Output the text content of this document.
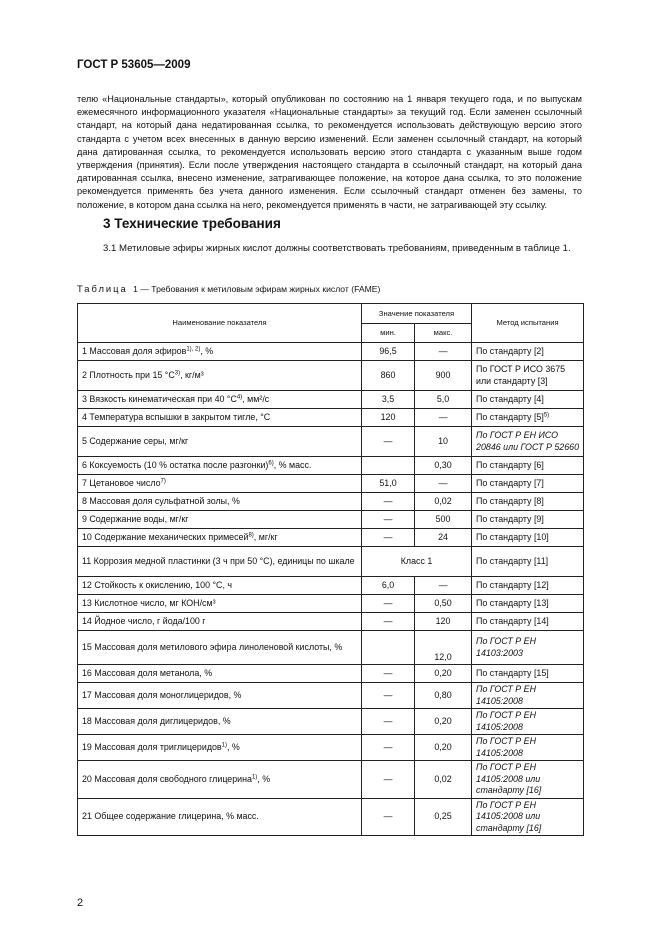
ГОСТ Р 53605—2009
телю «Национальные стандарты», который опубликован по состоянию на 1 января текущего года, и по выпускам ежемесячного информационного указателя «Национальные стандарты» за текущий год. Если заменен ссылочный стандарт, на который дана недатированная ссылка, то рекомендуется использовать действующую версию этого стандарта с учетом всех внесенных в данную версию изменений. Если заменен ссылочный стандарт, на который дана датированная ссылка, то рекомендуется использовать версию этого стандарта с указанным выше годом утверждения (принятия). Если после утверждения настоящего стандарта в ссылочный стандарт, на который дана датированная ссылка, внесено изменение, затрагивающее положение, на которое дана ссылка, то это положение рекомендуется применять без учета данного изменения. Если ссылочный стандарт отменен без замены, то положение, в котором дана ссылка на него, рекомендуется применять в части, не затрагивающей эту ссылку.
3 Технические требования
3.1 Метиловые эфиры жирных кислот должны соответствовать требованиям, приведенным в таблице 1.
Таблица 1 — Требования к метиловым эфирам жирных кислот (FAME)
Наименование показателя	Значение показателя		Метод испытания
	мин.	макс.	
1 Массовая доля эфиров$^{1), 2)}$, %	96,5	—	По стандарту [2]
2 Плотность при 15 $^\circ С^{3)}$, кг/м³	860	900	По ГОСТ Р ИСО 3675 или стандарту [3]
3 Вязкость кинематическая при 40 $^\circ С^{4)}$, мм²/с	3,5	5,0	По стандарту [4]
4 Температура вспышки в закрытом тигле, °С	120	—	По стандарту $[5]^{5)}$
5 Содержание серы, мг/кг	—	10	По ГОСТ Р ЕН ИСО 20846 или ГОСТ Р 52660
6 Коксуемость (10 % остатка после разгонки)$^{6)}$, % масс.		0,30	По стандарту [6]
7 Цетановое число$^{7)}$	51,0	—	По стандарту [7]
8 Массовая доля сульфатной золы, %	—	0,02	По стандарту [8]
9 Содержание воды, мг/кг	—	500	По стандарту [9]
10 Содержание механических примесей$^{8)}$, мг/кг	—	24	По стандарту [10]
11 Коррозия медной пластинки (3 ч при 50 °С), единицы по шкале	Класс 1		По стандарту [11]
12 Стойкость к окислению, 100 °С, ч	6,0	—	По стандарту [12]
13 Кислотное число, мг КОН/см³	—	0,50	По стандарту [13]
14 Йодное число, г йода/100 г	—	120	По стандарту [14]
15 Массовая доля метилового эфира линоленовой кислоты, %		12,0	По ГОСТ Р ЕН 14103:2003
16 Массовая доля метанола, %	—	0,20	По стандарту [15]
17 Массовая доля моноглицеридов, %	—	0,80	По ГОСТ Р ЕН 14105:2008
18 Массовая доля диглицеридов, %	—	0,20	По ГОСТ Р ЕН 14105:2008
19 Массовая доля триглицеридов$^{1)}$, %	—	0,20	По ГОСТ Р ЕН 14105:2008
20 Массовая доля свободного глицерина$^{1)}$, %	—	0,02	По ГОСТ Р ЕН 14105:2008 или стандарту [16]
21 Общее содержание глицерина, % масс.	—	0,25	По ГОСТ Р ЕН 14105:2008 или стандарту [16]
2
